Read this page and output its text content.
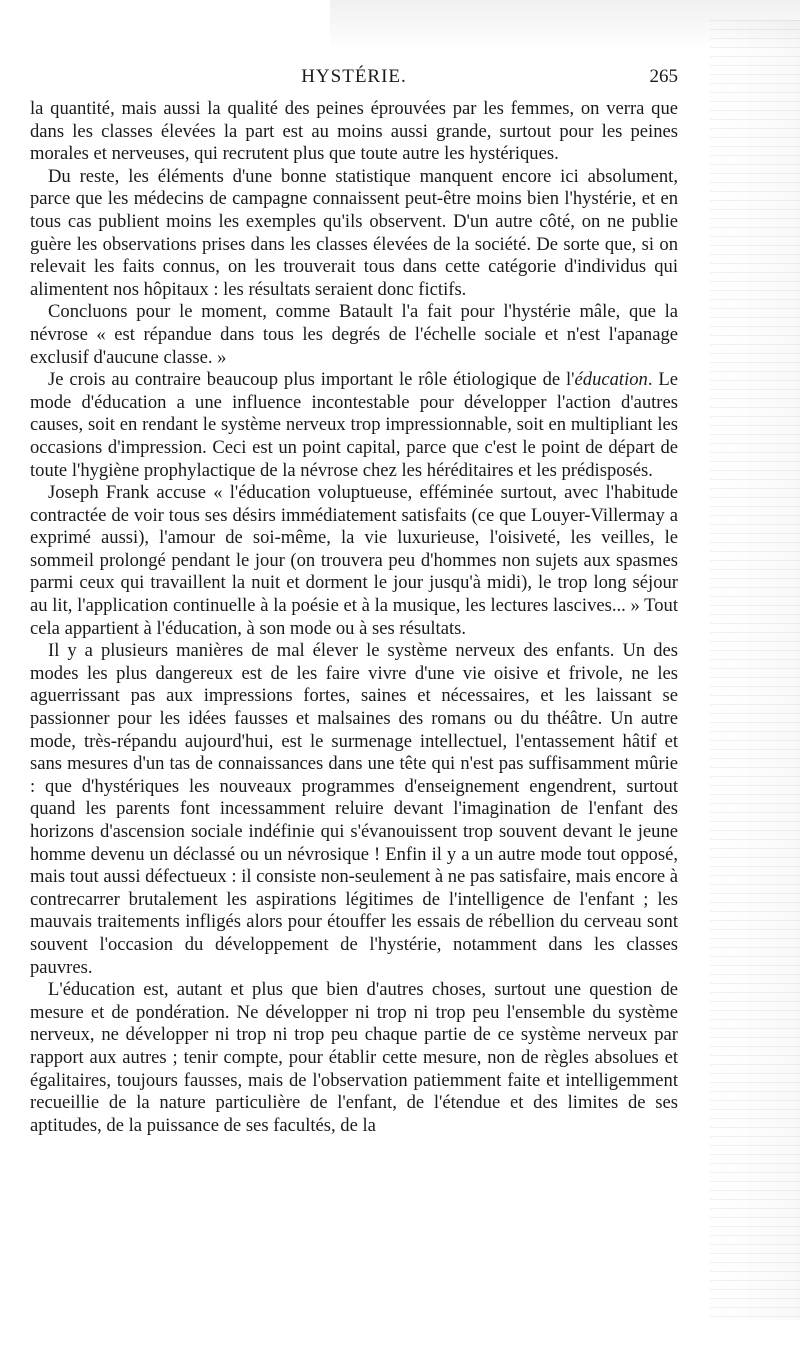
HYSTÉRIE.	265

la quantité, mais aussi la qualité des peines éprouvées par les femmes, on verra que dans les classes élevées la part est au moins aussi grande, surtout pour les peines morales et nerveuses, qui recrutent plus que toute autre les hystériques.

Du reste, les éléments d'une bonne statistique manquent encore ici absolument, parce que les médecins de campagne connaissent peut-être moins bien l'hystérie, et en tous cas publient moins les exemples qu'ils observent. D'un autre côté, on ne publie guère les observations prises dans les classes élevées de la société. De sorte que, si on relevait les faits connus, on les trouverait tous dans cette catégorie d'individus qui alimentent nos hôpitaux : les résultats seraient donc fictifs.

Concluons pour le moment, comme Batault l'a fait pour l'hystérie mâle, que la névrose « est répandue dans tous les degrés de l'échelle sociale et n'est l'apanage exclusif d'aucune classe. »

Je crois au contraire beaucoup plus important le rôle étiologique de l'éducation. Le mode d'éducation a une influence incontestable pour développer l'action d'autres causes, soit en rendant le système nerveux trop impressionnable, soit en multipliant les occasions d'impression. Ceci est un point capital, parce que c'est le point de départ de toute l'hygiène prophylactique de la névrose chez les héréditaires et les prédisposés.

Joseph Frank accuse « l'éducation voluptueuse, efféminée surtout, avec l'habitude contractée de voir tous ses désirs immédiatement satisfaits (ce que Louyer-Villermay a exprimé aussi), l'amour de soi-même, la vie luxurieuse, l'oisiveté, les veilles, le sommeil prolongé pendant le jour (on trouvera peu d'hommes non sujets aux spasmes parmi ceux qui travaillent la nuit et dorment le jour jusqu'à midi), le trop long séjour au lit, l'application continuelle à la poésie et à la musique, les lectures lascives... » Tout cela appartient à l'éducation, à son mode ou à ses résultats.

Il y a plusieurs manières de mal élever le système nerveux des enfants. Un des modes les plus dangereux est de les faire vivre d'une vie oisive et frivole, ne les aguerrissant pas aux impressions fortes, saines et nécessaires, et les laissant se passionner pour les idées fausses et malsaines des romans ou du théâtre. Un autre mode, très-répandu aujourd'hui, est le surmenage intellectuel, l'entassement hâtif et sans mesures d'un tas de connaissances dans une tête qui n'est pas suffisamment mûrie : que d'hystériques les nouveaux programmes d'enseignement engendrent, surtout quand les parents font incessamment reluire devant l'imagination de l'enfant des horizons d'ascension sociale indéfinie qui s'évanouissent trop souvent devant le jeune homme devenu un déclassé ou un névrosique ! Enfin il y a un autre mode tout opposé, mais tout aussi défectueux : il consiste non-seulement à ne pas satisfaire, mais encore à contrecarrer brutalement les aspirations légitimes de l'intelligence de l'enfant ; les mauvais traitements infligés alors pour étouffer les essais de rébellion du cerveau sont souvent l'occasion du développement de l'hystérie, notamment dans les classes pauvres.

L'éducation est, autant et plus que bien d'autres choses, surtout une question de mesure et de pondération. Ne développer ni trop ni trop peu l'ensemble du système nerveux, ne développer ni trop ni trop peu chaque partie de ce système nerveux par rapport aux autres ; tenir compte, pour établir cette mesure, non de règles absolues et égalitaires, toujours fausses, mais de l'observation patiemment faite et intelligemment recueillie de la nature particulière de l'enfant, de l'étendue et des limites de ses aptitudes, de la puissance de ses facultés, de la
